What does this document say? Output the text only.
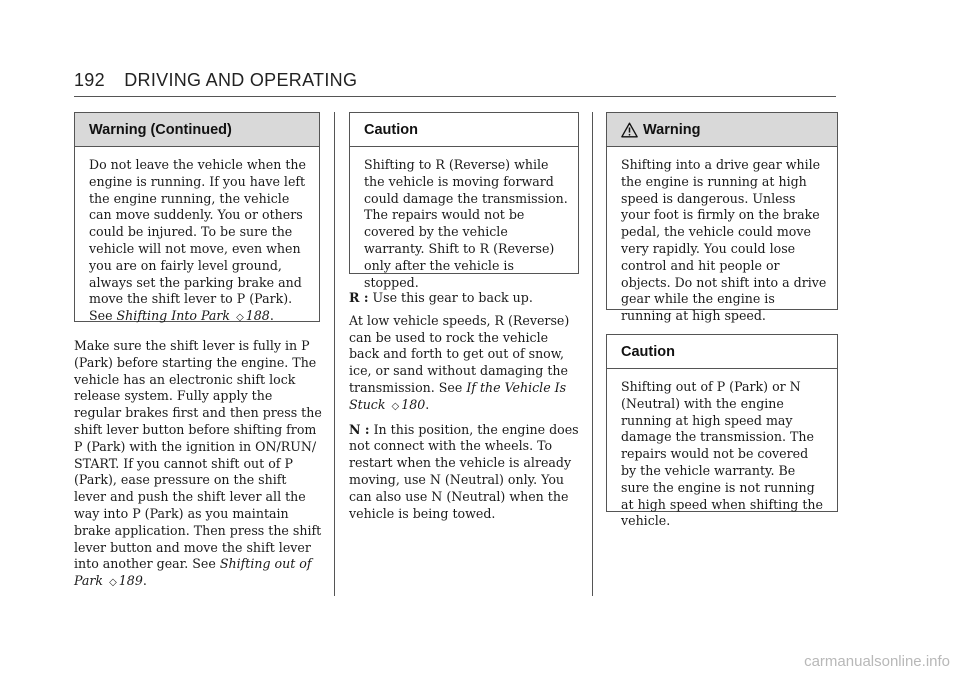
192 DRIVING AND OPERATING
Warning (Continued)
Do not leave the vehicle when the engine is running. If you have left the engine running, the vehicle can move suddenly. You or others could be injured. To be sure the vehicle will not move, even when you are on fairly level ground, always set the parking brake and move the shift lever to P (Park). See Shifting Into Park ◇ 188.

Make sure the shift lever is fully in P (Park) before starting the engine. The vehicle has an electronic shift lock release system. Fully apply the regular brakes first and then press the shift lever button before shifting from P (Park) with the ignition in ON/RUN/ START. If you cannot shift out of P (Park), ease pressure on the shift lever and push the shift lever all the way into P (Park) as you maintain brake application. Then press the shift lever button and move the shift lever into another gear. See Shifting out of Park ◇ 189.

Caution
Shifting to R (Reverse) while the vehicle is moving forward could damage the transmission. The repairs would not be covered by the vehicle warranty. Shift to R (Reverse) only after the vehicle is stopped.

R : Use this gear to back up.

At low vehicle speeds, R (Reverse) can be used to rock the vehicle back and forth to get out of snow, ice, or sand without damaging the transmission. See If the Vehicle Is Stuck ◇ 180.

N : In this position, the engine does not connect with the wheels. To restart when the vehicle is already moving, use N (Neutral) only. You can also use N (Neutral) when the vehicle is being towed.

Warning
Shifting into a drive gear while the engine is running at high speed is dangerous. Unless your foot is firmly on the brake pedal, the vehicle could move very rapidly. You could lose control and hit people or objects. Do not shift into a drive gear while the engine is running at high speed.
Caution
Shifting out of P (Park) or N (Neutral) with the engine running at high speed may damage the transmission. The repairs would not be covered by the vehicle warranty. Be sure the engine is not running at high speed when shifting the vehicle.
carmanualsonline.info
